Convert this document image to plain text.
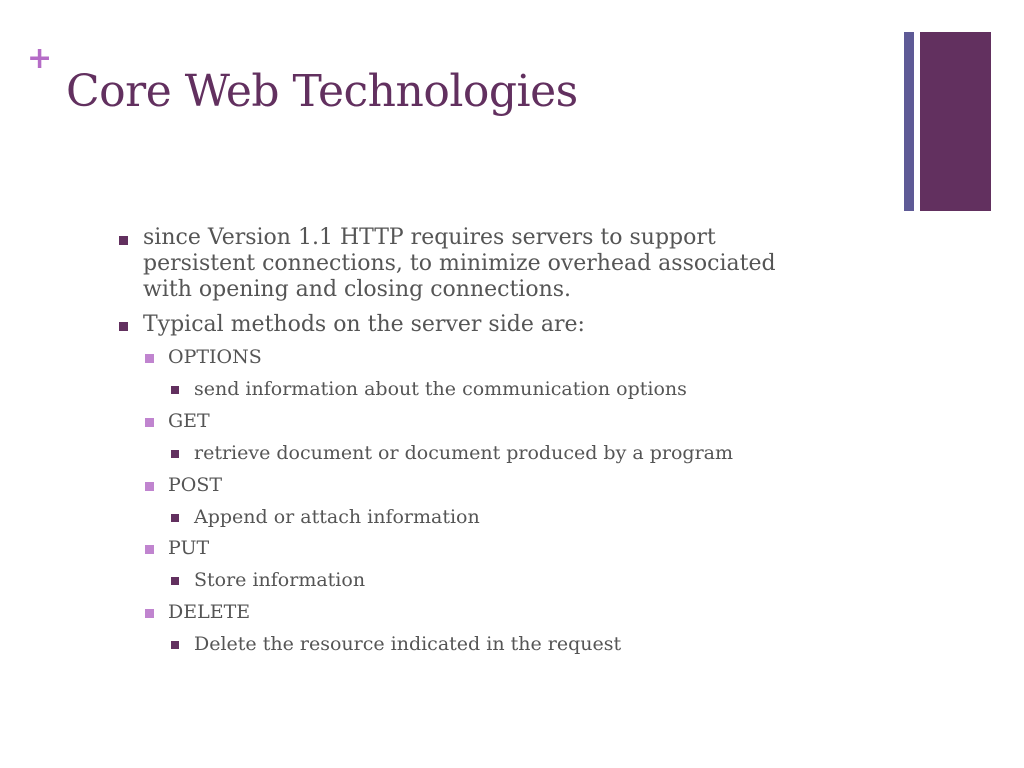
+
Core Web Technologies
since Version 1.1 HTTP requires servers to support
persistent connections, to minimize overhead associated
with opening and closing connections.
Typical methods on the server side are:
OPTIONS
send information about the communication options
GET
retrieve document or document produced by a program
POST
Append or attach information
PUT
Store information
DELETE
Delete the resource indicated in the request
